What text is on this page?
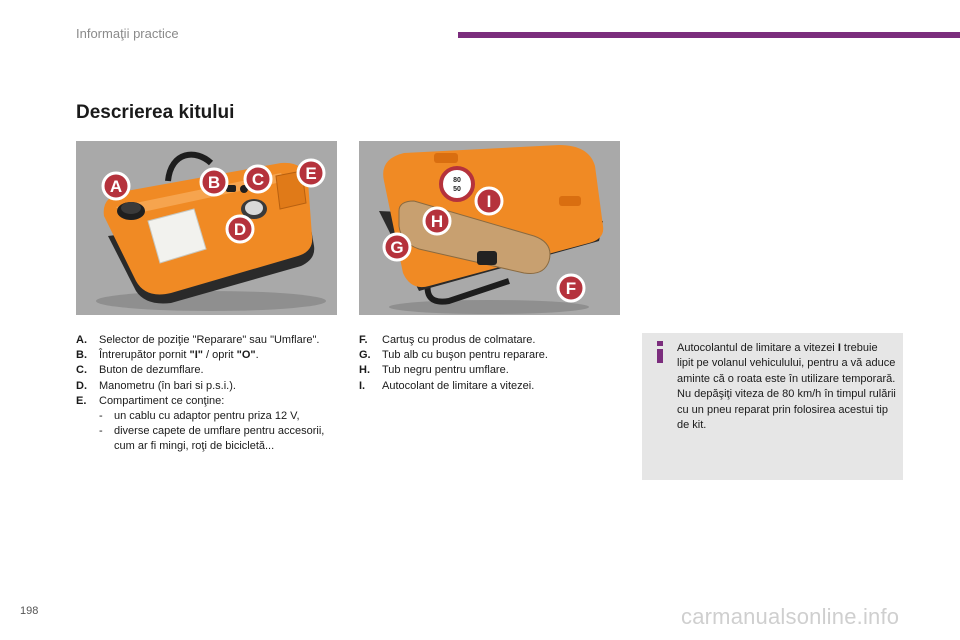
Informaţii practice
Descrierea kitului
A	B C E
D
80
50
I
H
G
F
A.	Selector de poziţie "Reparare" sau "Umflare".
B.	Întrerupător pornit "I" / oprit "O".
C.	Buton de dezumflare.
D.	Manometru (în bari si p.s.i.).
E.	Compartiment ce conţine:
-	un cablu cu adaptor pentru priza 12 V,
-	diverse capete de umflare pentru accesorii, cum ar fi mingi, roţi de bicicletă...
F.	Cartuş cu produs de colmatare.
G.	Tub alb cu buşon pentru reparare.
H.	Tub negru pentru umflare.
I.	Autocolant de limitare a vitezei.
Autocolantul de limitare a vitezei I trebuie lipit pe volanul vehiculului, pentru a vă aduce aminte că o roata este în utilizare temporară.
Nu depăşiţi viteza de 80 km/h în timpul rulării cu un pneu reparat prin folosirea acestui tip de kit.
198	carmanualsonline.info
